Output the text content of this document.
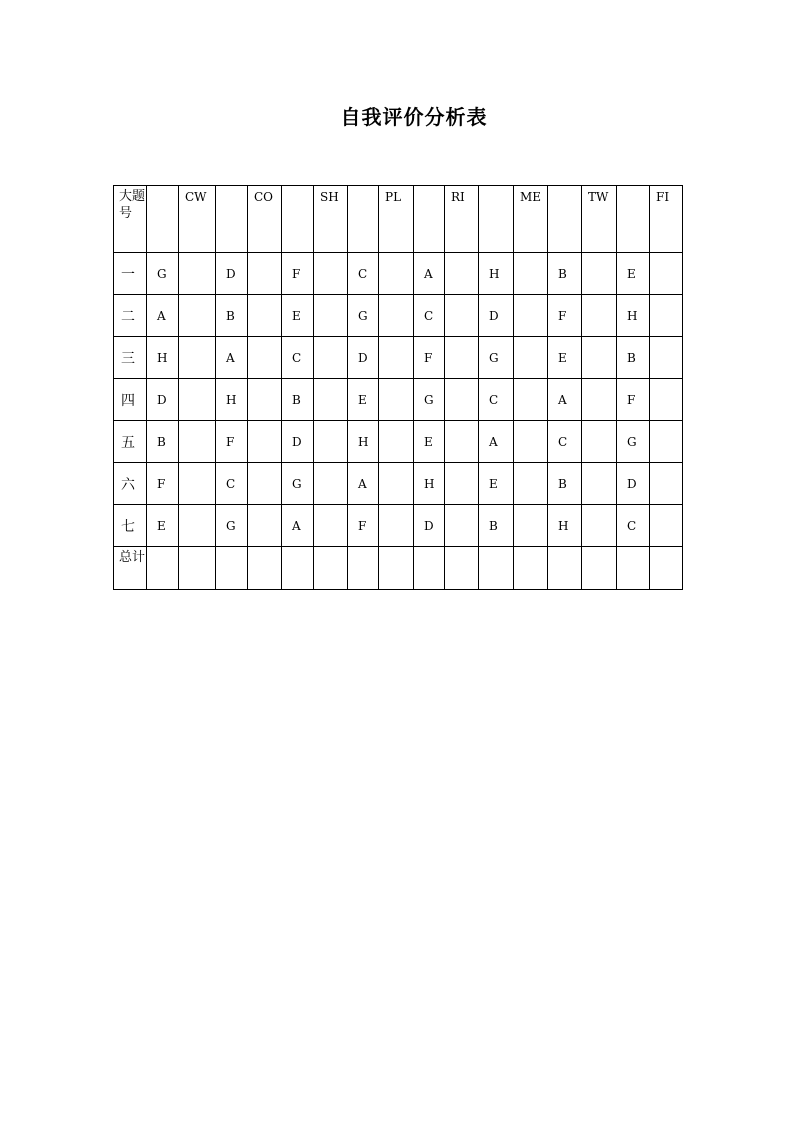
自我评价分析表
大题号		CW		CO		SH		PL		RI		ME		TW		FI
一	G		D		F		C		A		H		B		E	
二	A		B		E		G		C		D		F		H	
三	H		A		C		D		F		G		E		B	
四	D		H		B		E		G		C		A		F	
五	B		F		D		H		E		A		C		G	
六	F		C		G		A		H		E		B		D	
七	E		G		A		F		D		B		H		C	
总计																
